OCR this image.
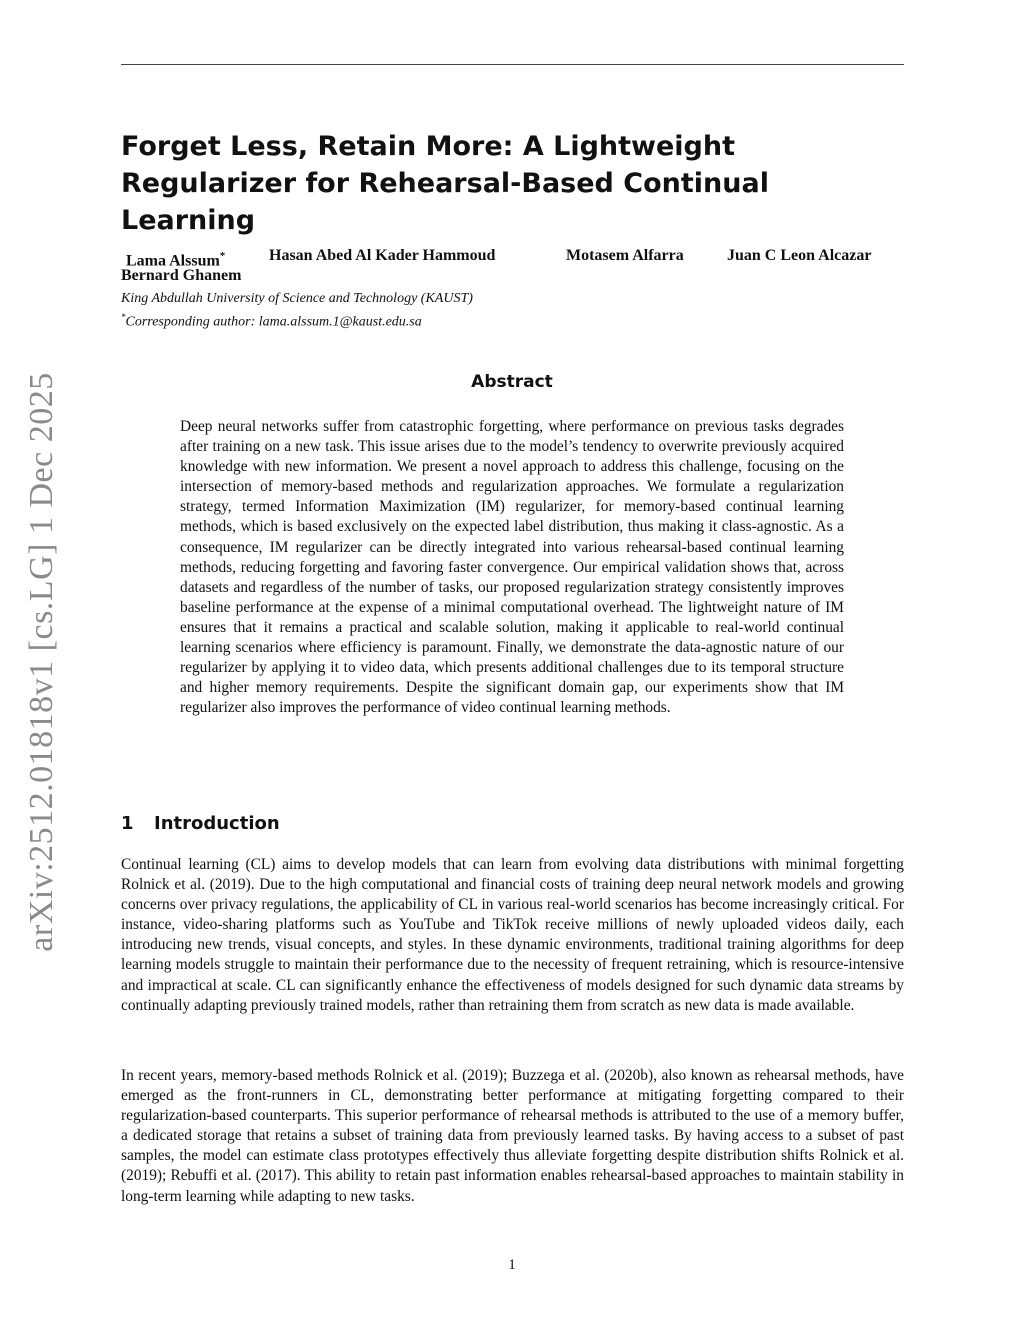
arXiv:2512.01818v1 [cs.LG] 1 Dec 2025
Forget Less, Retain More: A Lightweight Regularizer for Rehearsal-Based Continual Learning
Lama Alssum*	Hasan Abed Al Kader Hammoud	Motasem Alfarra	Juan C Leon Alcazar
Bernard Ghanem
King Abdullah University of Science and Technology (KAUST)
*Corresponding author: lama.alssum.1@kaust.edu.sa
Abstract
Deep neural networks suffer from catastrophic forgetting, where performance on previous tasks degrades after training on a new task. This issue arises due to the model’s tendency to overwrite previously acquired knowledge with new information. We present a novel approach to address this challenge, focusing on the intersection of memory-based methods and regularization approaches. We formulate a regularization strategy, termed Information Maximization (IM) regularizer, for memory-based continual learning methods, which is based exclusively on the expected label distribution, thus making it class-agnostic. As a consequence, IM regularizer can be directly integrated into various rehearsal-based continual learning methods, reducing forgetting and favoring faster convergence. Our empirical validation shows that, across datasets and regardless of the number of tasks, our proposed regularization strategy consistently improves baseline performance at the expense of a minimal computational overhead. The lightweight nature of IM ensures that it remains a practical and scalable solution, making it applicable to real-world continual learning scenarios where efficiency is paramount. Finally, we demonstrate the data-agnostic nature of our regularizer by applying it to video data, which presents additional challenges due to its temporal structure and higher memory requirements. Despite the significant domain gap, our experiments show that IM regularizer also improves the performance of video continual learning methods.
1 Introduction

Continual learning (CL) aims to develop models that can learn from evolving data distributions with minimal forgetting Rolnick et al. (2019). Due to the high computational and financial costs of training deep neural network models and growing concerns over privacy regulations, the applicability of CL in various real-world scenarios has become increasingly critical. For instance, video-sharing platforms such as YouTube and TikTok receive millions of newly uploaded videos daily, each introducing new trends, visual concepts, and styles. In these dynamic environments, traditional training algorithms for deep learning models struggle to maintain their performance due to the necessity of frequent retraining, which is resource-intensive and impractical at scale. CL can significantly enhance the effectiveness of models designed for such dynamic data streams by continually adapting previously trained models, rather than retraining them from scratch as new data is made available.

In recent years, memory-based methods Rolnick et al. (2019); Buzzega et al. (2020b), also known as rehearsal methods, have emerged as the front-runners in CL, demonstrating better performance at mitigating forgetting compared to their regularization-based counterparts. This superior performance of rehearsal methods is attributed to the use of a memory buffer, a dedicated storage that retains a subset of training data from previously learned tasks. By having access to a subset of past samples, the model can estimate class prototypes effectively thus alleviate forgetting despite distribution shifts Rolnick et al. (2019); Rebuffi et al. (2017). This ability to retain past information enables rehearsal-based approaches to maintain stability in long-term learning while adapting to new tasks.

1
